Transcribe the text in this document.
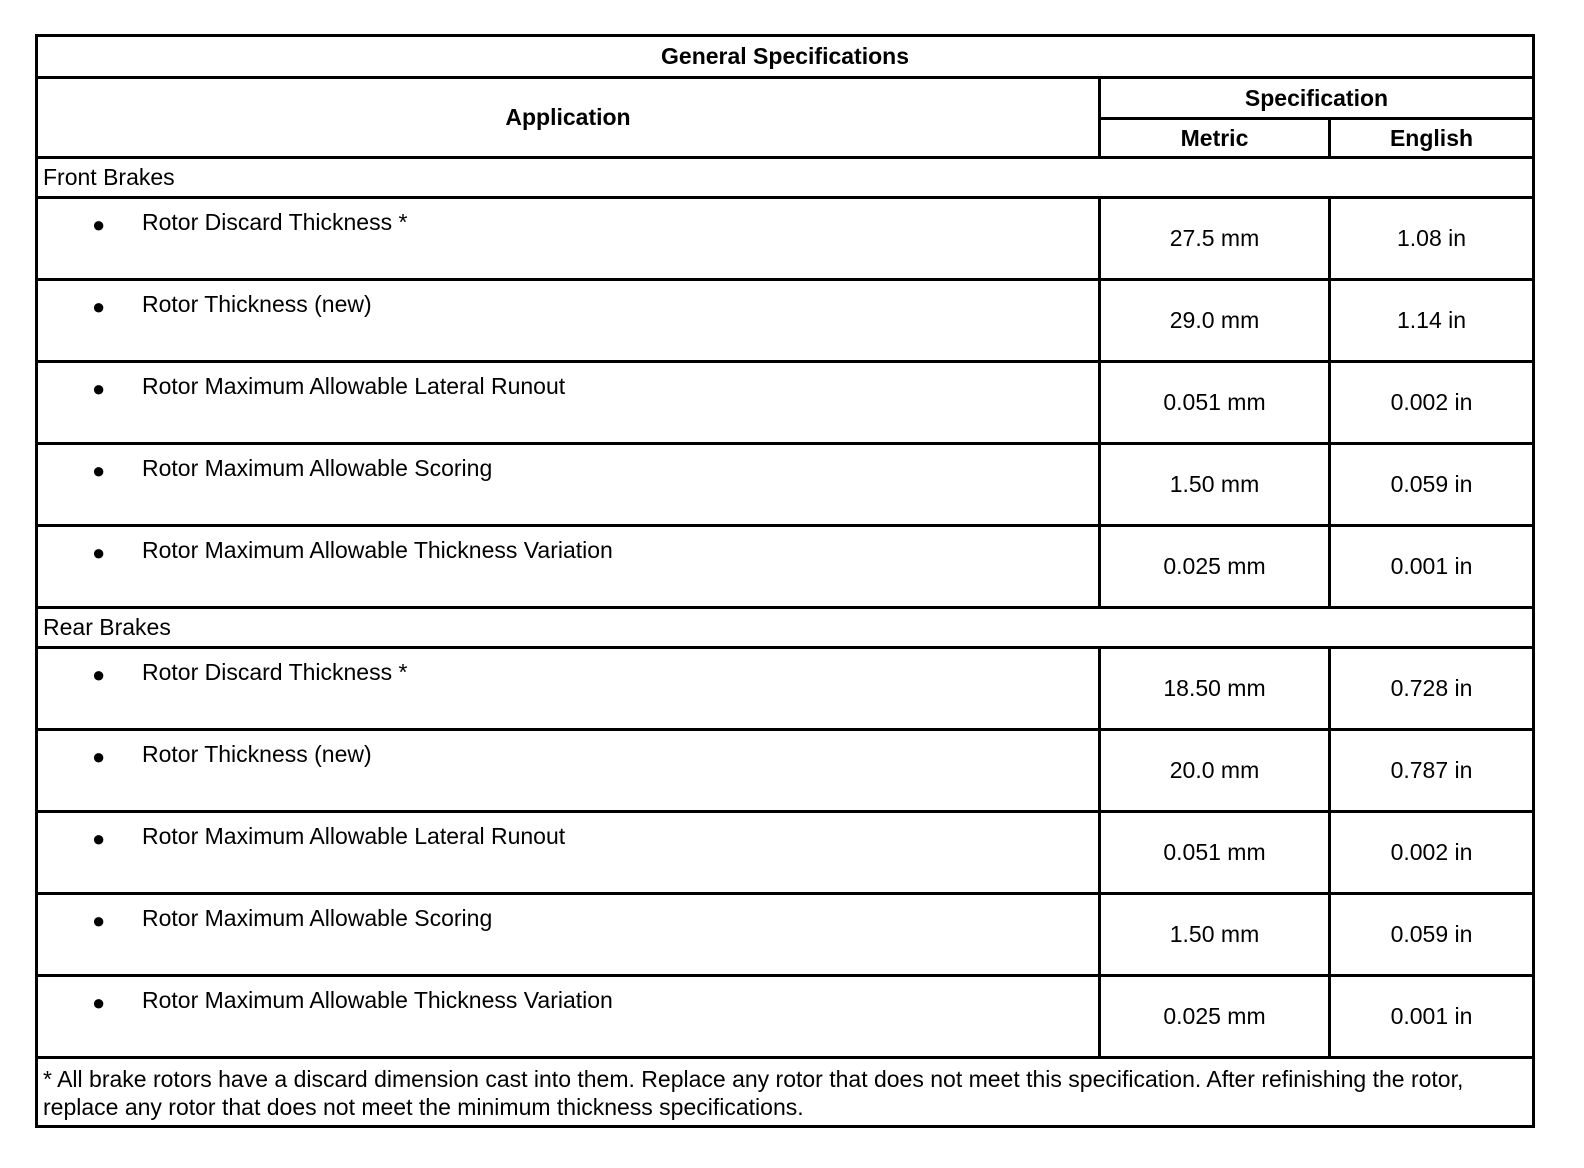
General Specifications		
Application	Specification	
	Metric	English
Front Brakes		

● Rotor Discard Thickness *	27.5 mm	1.08 in

● Rotor Thickness (new)	29.0 mm	1.14 in

● Rotor Maximum Allowable Lateral Runout	0.051 mm	0.002 in

● Rotor Maximum Allowable Scoring	1.50 mm	0.059 in

● Rotor Maximum Allowable Thickness Variation	0.025 mm	0.001 in
Rear Brakes		

● Rotor Discard Thickness *	18.50 mm	0.728 in

● Rotor Thickness (new)	20.0 mm	0.787 in

● Rotor Maximum Allowable Lateral Runout	0.051 mm	0.002 in

● Rotor Maximum Allowable Scoring	1.50 mm	0.059 in

● Rotor Maximum Allowable Thickness Variation	0.025 mm	0.001 in
* All brake rotors have a discard dimension cast into them. Replace any rotor that does not meet this specification. After refinishing the rotor, replace any rotor that does not meet the minimum thickness specifications.		
